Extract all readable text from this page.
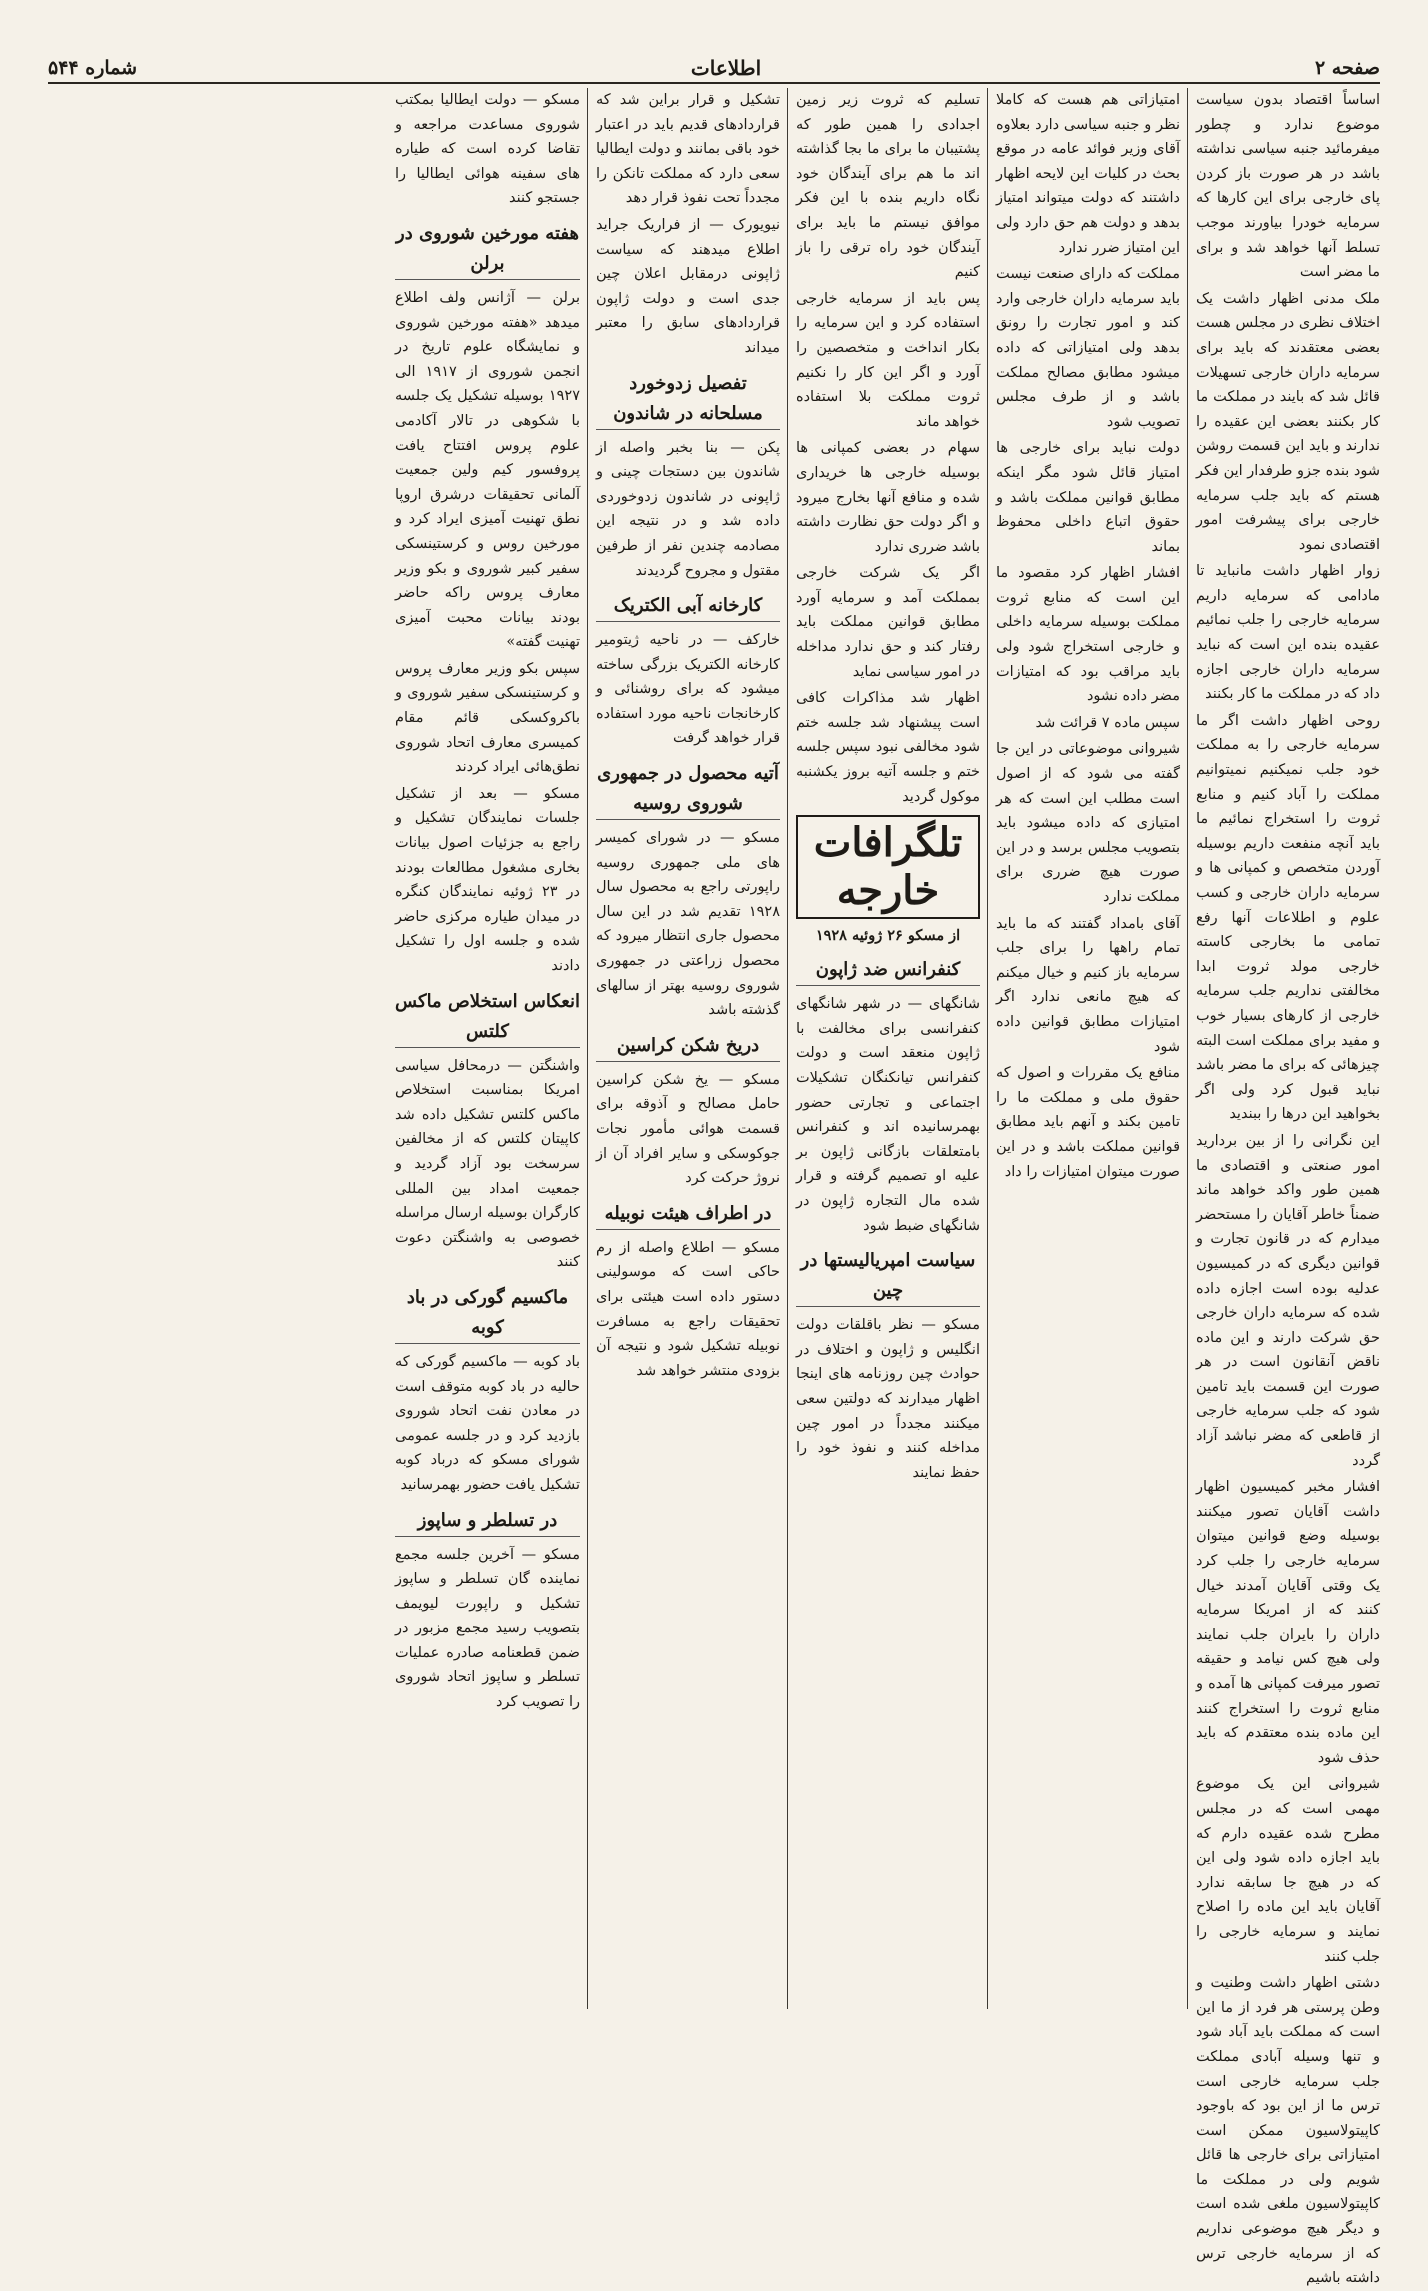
صفحه ۲
اطلاعات
شماره ۵۴۴

اساساً اقتصاد بدون سیاست موضوع ندارد و چطور میفرمائید جنبه سیاسی نداشته باشد در هر صورت باز کردن پای خارجی برای این کارها که سرمایه خودرا بیاورند موجب تسلط آنها خواهد شد و برای ما مضر است

ملک مدنی اظهار داشت یک اختلاف نظری در مجلس هست بعضی معتقدند که باید برای سرمایه داران خارجی تسهیلات قائل شد که بایند در مملکت ما کار بکنند بعضی این عقیده را ندارند و باید این قسمت روشن شود بنده جزو طرفدار این فکر هستم که باید جلب سرمایه خارجی برای پیشرفت امور اقتصادی نمود

زوار اظهار داشت مانباید تا مادامی که سرمایه داریم سرمایه خارجی را جلب نمائیم عقیده بنده این است که نباید سرمایه داران خارجی اجازه داد که در مملکت ما کار بکنند

روحی اظهار داشت اگر ما سرمایه خارجی را به مملکت خود جلب نمیکنیم نمیتوانیم مملکت را آباد کنیم و منابع ثروت را استخراج نمائیم ما باید آنچه منفعت داریم بوسیله آوردن متخصص و کمپانی ها و سرمایه داران خارجی و کسب علوم و اطلاعات آنها رفع تمامی ما بخارجی کاسته خارجی مولد ثروت ابدا مخالفتی نداریم جلب سرمایه خارجی از کارهای بسیار خوب و مفید برای مملکت است البته چیزهائی که برای ما مضر باشد نباید قبول کرد ولی اگر بخواهید این درها را ببندید

این نگرانی را از بین بردارید امور صنعتی و اقتصادی ما همین طور واکد خواهد ماند ضمناً خاطر آقایان را مستحضر میدارم که در قانون تجارت و قوانین دیگری که در کمیسیون عدلیه بوده است اجازه داده شده که سرمایه داران خارجی حق شرکت دارند و این ماده ناقض آنقانون است در هر صورت این قسمت باید تامین شود که جلب سرمایه خارجی از قاطعی که مضر نباشد آزاد گردد

افشار مخبر کمیسیون اظهار داشت آقایان تصور میکنند بوسیله وضع قوانین میتوان سرمایه خارجی را جلب کرد یک وقتی آقایان آمدند خیال کنند که از امریکا سرمایه داران را بایران جلب نمایند ولی هیچ کس نیامد و حقیقه تصور میرفت کمپانی ها آمده و منابع ثروت را استخراج کنند این ماده بنده معتقدم که باید حذف شود

شیروانی این یک موضوع مهمی است که در مجلس مطرح شده عقیده دارم که باید اجازه داده شود ولی این که در هیچ جا سابقه ندارد آقایان باید این ماده را اصلاح نمایند و سرمایه خارجی را جلب کنند

دشتی اظهار داشت وطنیت و وطن پرستی هر فرد از ما این است که مملکت باید آباد شود و تنها وسیله آبادی مملکت جلب سرمایه خارجی است ترس ما از این بود که باوجود کاپیتولاسیون ممکن است امتیازاتی برای خارجی ها قائل شویم ولی در مملکت ما کاپیتولاسیون ملغی شده است و دیگر هیچ موضوعی نداریم که از سرمایه خارجی ترس داشته باشیم

امتیازاتی هم هست که کاملا نظر و جنبه سیاسی دارد بعلاوه آقای وزیر فوائد عامه در موقع بحث در کلیات این لایحه اظهار داشتند که دولت میتواند امتیاز بدهد و دولت هم حق دارد ولی این امتیاز ضرر ندارد

مملکت که دارای صنعت نیست باید سرمایه داران خارجی وارد کند و امور تجارت را رونق بدهد ولی امتیازاتی که داده میشود مطابق مصالح مملکت باشد و از طرف مجلس تصویب شود

دولت نباید برای خارجی ها امتیاز قائل شود مگر اینکه مطابق قوانین مملکت باشد و حقوق اتباع داخلی محفوظ بماند

افشار اظهار کرد مقصود ما این است که منابع ثروت مملکت بوسیله سرمایه داخلی و خارجی استخراج شود ولی باید مراقب بود که امتیازات مضر داده نشود

سپس ماده ۷ قرائت شد

شیروانی موضوعاتی در این جا گفته می شود که از اصول است مطلب این است که هر امتیازی که داده میشود باید بتصویب مجلس برسد و در این صورت هیچ ضرری برای مملکت ندارد

آقای بامداد گفتند که ما باید تمام راهها را برای جلب سرمایه باز کنیم و خیال میکنم که هیچ مانعی ندارد اگر امتیازات مطابق قوانین داده شود

منافع یک مقررات و اصول که حقوق ملی و مملکت ما را تامین بکند و آنهم باید مطابق قوانین مملکت باشد و در این صورت میتوان امتیازات را داد

تسلیم که ثروت زیر زمین اجدادی را همین طور که پشتیبان ما برای ما بجا گذاشته اند ما هم برای آیندگان خود نگاه داریم بنده با این فکر موافق نیستم ما باید برای آیندگان خود راه ترقی را باز کنیم

پس باید از سرمایه خارجی استفاده کرد و این سرمایه را بکار انداخت و متخصصین را آورد و اگر این کار را نکنیم ثروت مملکت بلا استفاده خواهد ماند

سهام در بعضی کمپانی ها بوسیله خارجی ها خریداری شده و منافع آنها بخارج میرود و اگر دولت حق نظارت داشته باشد ضرری ندارد

اگر یک شرکت خارجی بمملکت آمد و سرمایه آورد مطابق قوانین مملکت باید رفتار کند و حق ندارد مداخله در امور سیاسی نماید

اظهار شد مذاکرات کافی است پیشنهاد شد جلسه ختم شود مخالفی نبود سپس جلسه ختم و جلسه آتیه بروز یکشنبه موکول گردید

تلگرافات خارجه
از مسکو ۲۶ ژوئیه ۱۹۲۸
کنفرانس ضد ژاپون

شانگهای — در شهر شانگهای کنفرانسی برای مخالفت با ژاپون منعقد است و دولت کنفرانس تیانکنگان تشکیلات اجتماعی و تجارتی حضور بهمرسانیده اند و کنفرانس بامتعلقات بازگانی ژاپون بر علیه او تصمیم گرفته و قرار شده مال التجاره ژاپون در شانگهای ضبط شود

سیاست امپریالیستها در چین

مسکو — نظر باقلقات دولت انگلیس و ژاپون و اختلاف در حوادث چین روزنامه های اینجا اظهار میدارند که دولتین سعی میکنند مجدداً در امور چین مداخله کنند و نفوذ خود را حفظ نمایند

تشکیل و قرار براین شد که قراردادهای قدیم باید در اعتبار خود باقی بمانند و دولت ایطالیا سعی دارد که مملکت تانکن را مجدداً تحت نفوذ قرار دهد

نیویورک — از فراریک جراید اطلاع میدهند که سیاست ژاپونی درمقابل اعلان چین جدی است و دولت ژاپون قراردادهای سابق را معتبر میداند

تفصیل زدوخورد مسلحانه در شاندون

پکن — بنا بخبر واصله از شاندون بین دستجات چینی و ژاپونی در شاندون زدوخوردی داده شد و در نتیجه این مصادمه چندین نفر از طرفین مقتول و مجروح گردیدند

کارخانه آبی الکتریک

خارکف — در ناحیه ژیتومیر کارخانه الکتریک بزرگی ساخته میشود که برای روشنائی و کارخانجات ناحیه مورد استفاده قرار خواهد گرفت

آتیه محصول در جمهوری شوروی روسیه

مسکو — در شورای کمیسر های ملی جمهوری روسیه راپورتی راجع به محصول سال ۱۹۲۸ تقدیم شد در این سال محصول جاری انتظار میرود که محصول زراعتی در جمهوری شوروی روسیه بهتر از سالهای گذشته باشد

دریخ شکن کراسین

مسکو — یخ شکن کراسین حامل مصالح و آذوقه برای قسمت هوائی مأمور نجات جوکوسکی و سایر افراد آن از نروژ حرکت کرد

در اطراف هیئت نوبیله

مسکو — اطلاع واصله از رم حاکی است که موسولینی دستور داده است هیئتی برای تحقیقات راجع به مسافرت نوبیله تشکیل شود و نتیجه آن بزودی منتشر خواهد شد

مسکو — دولت ایطالیا بمکتب شوروی مساعدت مراجعه و تقاضا کرده است که طیاره های سفینه هوائی ایطالیا را جستجو کنند

هفته مورخین شوروی در برلن

برلن — آژانس ولف اطلاع میدهد «هفته مورخین شوروی و نمایشگاه علوم تاریخ در انجمن شوروی از ۱۹۱۷ الی ۱۹۲۷ بوسیله تشکیل یک جلسه با شکوهی در تالار آکادمی علوم پروس افتتاح یافت پروفسور کیم ولین جمعیت آلمانی تحقیقات درشرق اروپا نطق تهنیت آمیزی ایراد کرد و مورخین روس و کرستینسکی سفیر کبیر شوروی و بکو وزیر معارف پروس راکه حاضر بودند بیانات محبت آمیزی تهنیت گفته»

سپس بکو وزیر معارف پروس و کرستینسکی سفیر شوروی و باکروکسکی قائم مقام کمیسری معارف اتحاد شوروی نطق‌هائی ایراد کردند

مسکو — بعد از تشکیل جلسات نمایندگان تشکیل و راجع به جزئیات اصول بیانات بخاری مشغول مطالعات بودند در ۲۳ ژوئیه نمایندگان کنگره در میدان طیاره مرکزی حاضر شده و جلسه اول را تشکیل دادند

انعکاس استخلاص ماکس کلتس

واشنگتن — درمحافل سیاسی امریکا بمناسبت استخلاص ماکس کلتس تشکیل داده شد کاپیتان کلتس که از مخالفین سرسخت بود آزاد گردید و جمعیت امداد بین المللی کارگران بوسیله ارسال مراسله خصوصی به واشنگتن دعوت کنند

ماکسیم گورکی در باد کوبه

باد کوبه — ماکسیم گورکی که حالیه در باد کوبه متوقف است در معادن نفت اتحاد شوروی بازدید کرد و در جلسه عمومی شورای مسکو که درباد کوبه تشکیل یافت حضور بهمرسانید

در تسلطر و ساپوز

مسکو — آخرین جلسه مجمع نماینده گان تسلطر و ساپوز تشکیل و راپورت لیویمف بتصویب رسید مجمع مزبور در ضمن قطعنامه صادره عملیات تسلطر و ساپوز اتحاد شوروی را تصویب کرد
